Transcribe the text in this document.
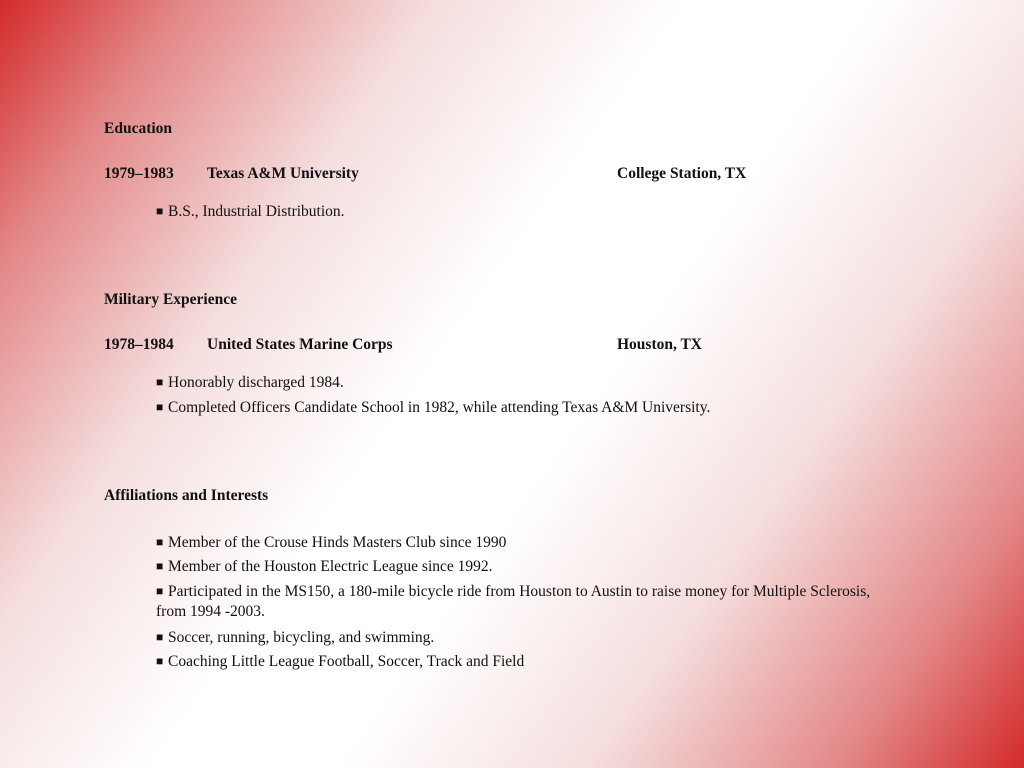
Education
1979–1983 Texas A&M University	College Station, TX
■ B.S., Industrial Distribution.
Military Experience
1978–1984 United States Marine Corps	Houston, TX
■ Honorably discharged 1984.
■ Completed Officers Candidate School in 1982, while attending Texas A&M University.
Affiliations and Interests
■ Member of the Crouse Hinds Masters Club since 1990
■ Member of the Houston Electric League since 1992.
■ Participated in the MS150, a 180-mile bicycle ride from Houston to Austin to raise money for Multiple Sclerosis, from 1994 -2003.
■ Soccer, running, bicycling, and swimming.
■ Coaching Little League Football, Soccer, Track and Field
